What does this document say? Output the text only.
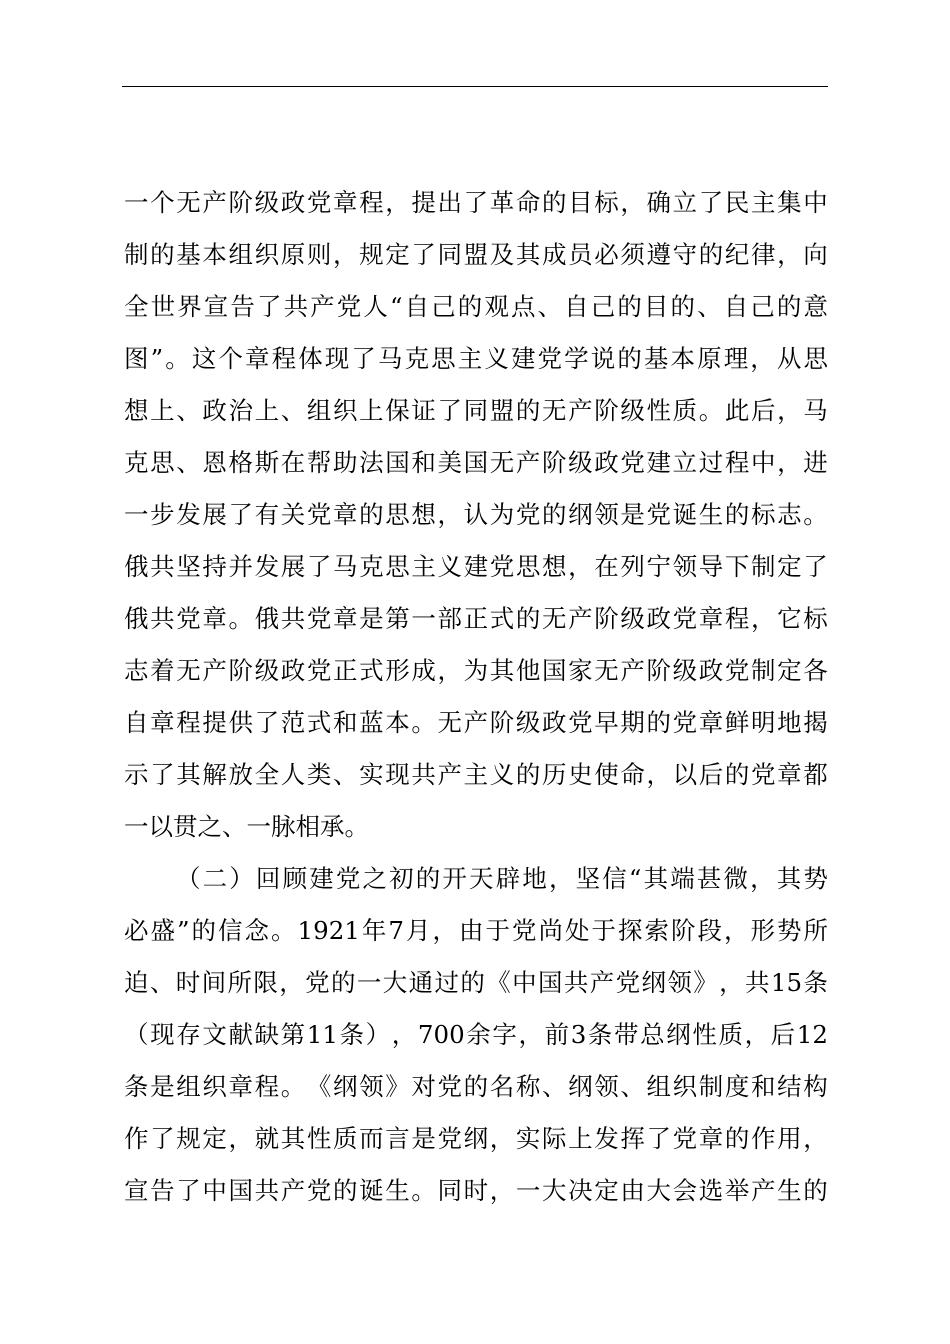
一 个 无 产 阶 级 政 党 章 程 ， 提 出 了 革 命 的 目 标 ， 确 立 了 民 主 集 中
制 的 基 本 组 织 原 则 ， 规 定 了 同 盟 及 其 成 员 必 须 遵 守 的 纪 律 ， 向
全 世 界 宣 告 了 共 产 党 人 “ 自 己 的 观 点 、 自 己 的 目 的 、 自 己 的 意
图 ” 。 这 个 章 程 体 现 了 马 克 思 主 义 建 党 学 说 的 基 本 原 理 ， 从 思
想 上 、 政 治 上 、 组 织 上 保 证 了 同 盟 的 无 产 阶 级 性 质 。 此 后 ， 马
克 思 、 恩 格 斯 在 帮 助 法 国 和 美 国 无 产 阶 级 政 党 建 立 过 程 中 ， 进
一 步 发 展 了 有 关 党 章 的 思 想 ， 认 为 党 的 纲 领 是 党 诞 生 的 标 志 。
俄 共 坚 持 并 发 展 了 马 克 思 主 义 建 党 思 想 ， 在 列 宁 领 导 下 制 定 了
俄 共 党 章 。 俄 共 党 章 是 第 一 部 正 式 的 无 产 阶 级 政 党 章 程 ， 它 标
志 着 无 产 阶 级 政 党 正 式 形 成 ， 为 其 他 国 家 无 产 阶 级 政 党 制 定 各
自 章 程 提 供 了 范 式 和 蓝 本 。 无 产 阶 级 政 党 早 期 的 党 章 鲜 明 地 揭
示 了 其 解 放 全 人 类 、 实 现 共 产 主 义 的 历 史 使 命 ， 以 后 的 党 章 都
一以贯之、一脉相承。
（ 二 ） 回 顾 建 党 之 初 的 开 天 辟 地 ， 坚 信 “ 其 端 甚 微 ， 其 势
必 盛 ” 的 信 念 。 1921 年 7 月 ， 由 于 党 尚 处 于 探 索 阶 段 ， 形 势 所
迫 、 时 间 所 限 ， 党 的 一 大 通 过 的 《 中 国 共 产 党 纲 领 》 ， 共 15 条
（ 现 存 文 献 缺 第 11 条 ） ， 700 余 字 ， 前 3 条 带 总 纲 性 质 ， 后 12
条 是 组 织 章 程 。 《 纲 领 》 对 党 的 名 称 、 纲 领 、 组 织 制 度 和 结 构
作 了 规 定 ， 就 其 性 质 而 言 是 党 纲 ， 实 际 上 发 挥 了 党 章 的 作 用 ，
宣 告 了 中 国 共 产 党 的 诞 生 。 同 时 ， 一 大 决 定 由 大 会 选 举 产 生 的
